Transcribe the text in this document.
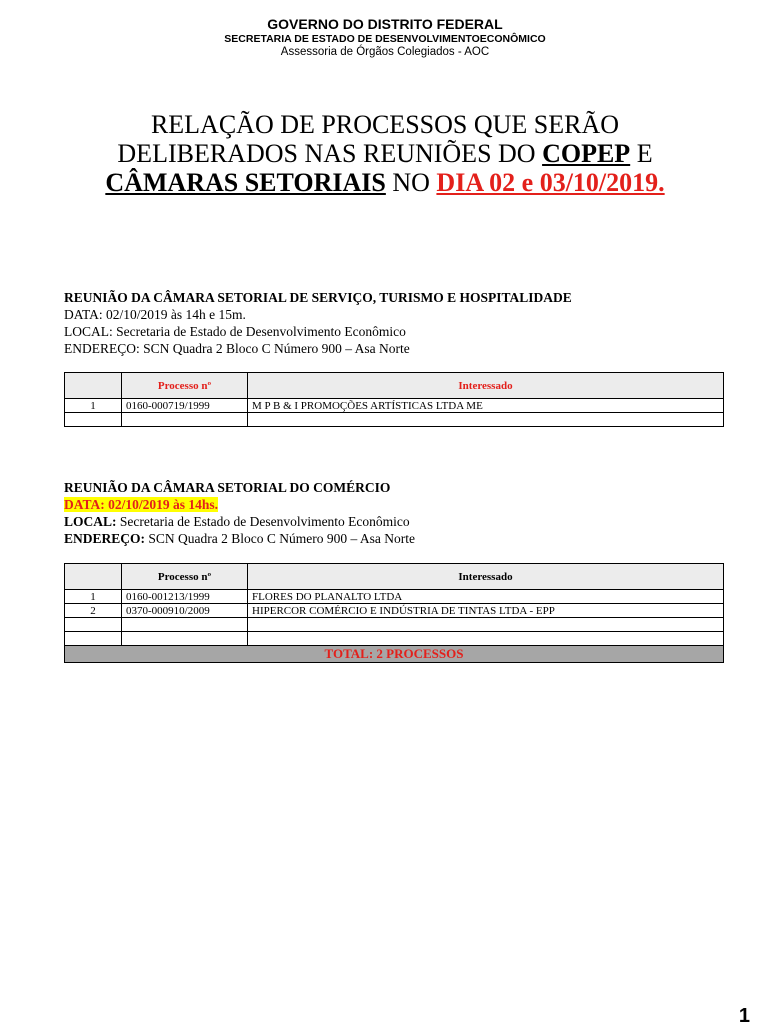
GOVERNO DO DISTRITO FEDERAL
SECRETARIA DE ESTADO DE DESENVOLVIMENTOECONÔMICO
Assessoria de Órgãos Colegiados - AOC
RELAÇÃO DE PROCESSOS QUE SERÃO
DELIBERADOS NAS REUNIÕES DO COPEP E
CÂMARAS SETORIAIS NO DIA 02 e 03/10/2019.
REUNIÃO DA CÂMARA SETORIAL DE SERVIÇO, TURISMO E HOSPITALIDADE
DATA: 02/10/2019 às 14h e 15m.
LOCAL: Secretaria de Estado de Desenvolvimento Econômico
ENDEREÇO: SCN Quadra 2 Bloco C Número 900 – Asa Norte
	Processo nº	Interessado
1	0160-000719/1999	M P B & I PROMOÇÕES ARTÍSTICAS LTDA ME

REUNIÃO DA CÂMARA SETORIAL DO COMÉRCIO
DATA: 02/10/2019 às 14hs.
LOCAL: Secretaria de Estado de Desenvolvimento Econômico
ENDEREÇO: SCN Quadra 2 Bloco C Número 900 – Asa Norte
	Processo nº	Interessado
1	0160-001213/1999	FLORES DO PLANALTO LTDA
2	0370-000910/2009	HIPERCOR COMÉRCIO E INDÚSTRIA DE TINTAS LTDA - EPP

TOTAL: 2 PROCESSOS		
1
